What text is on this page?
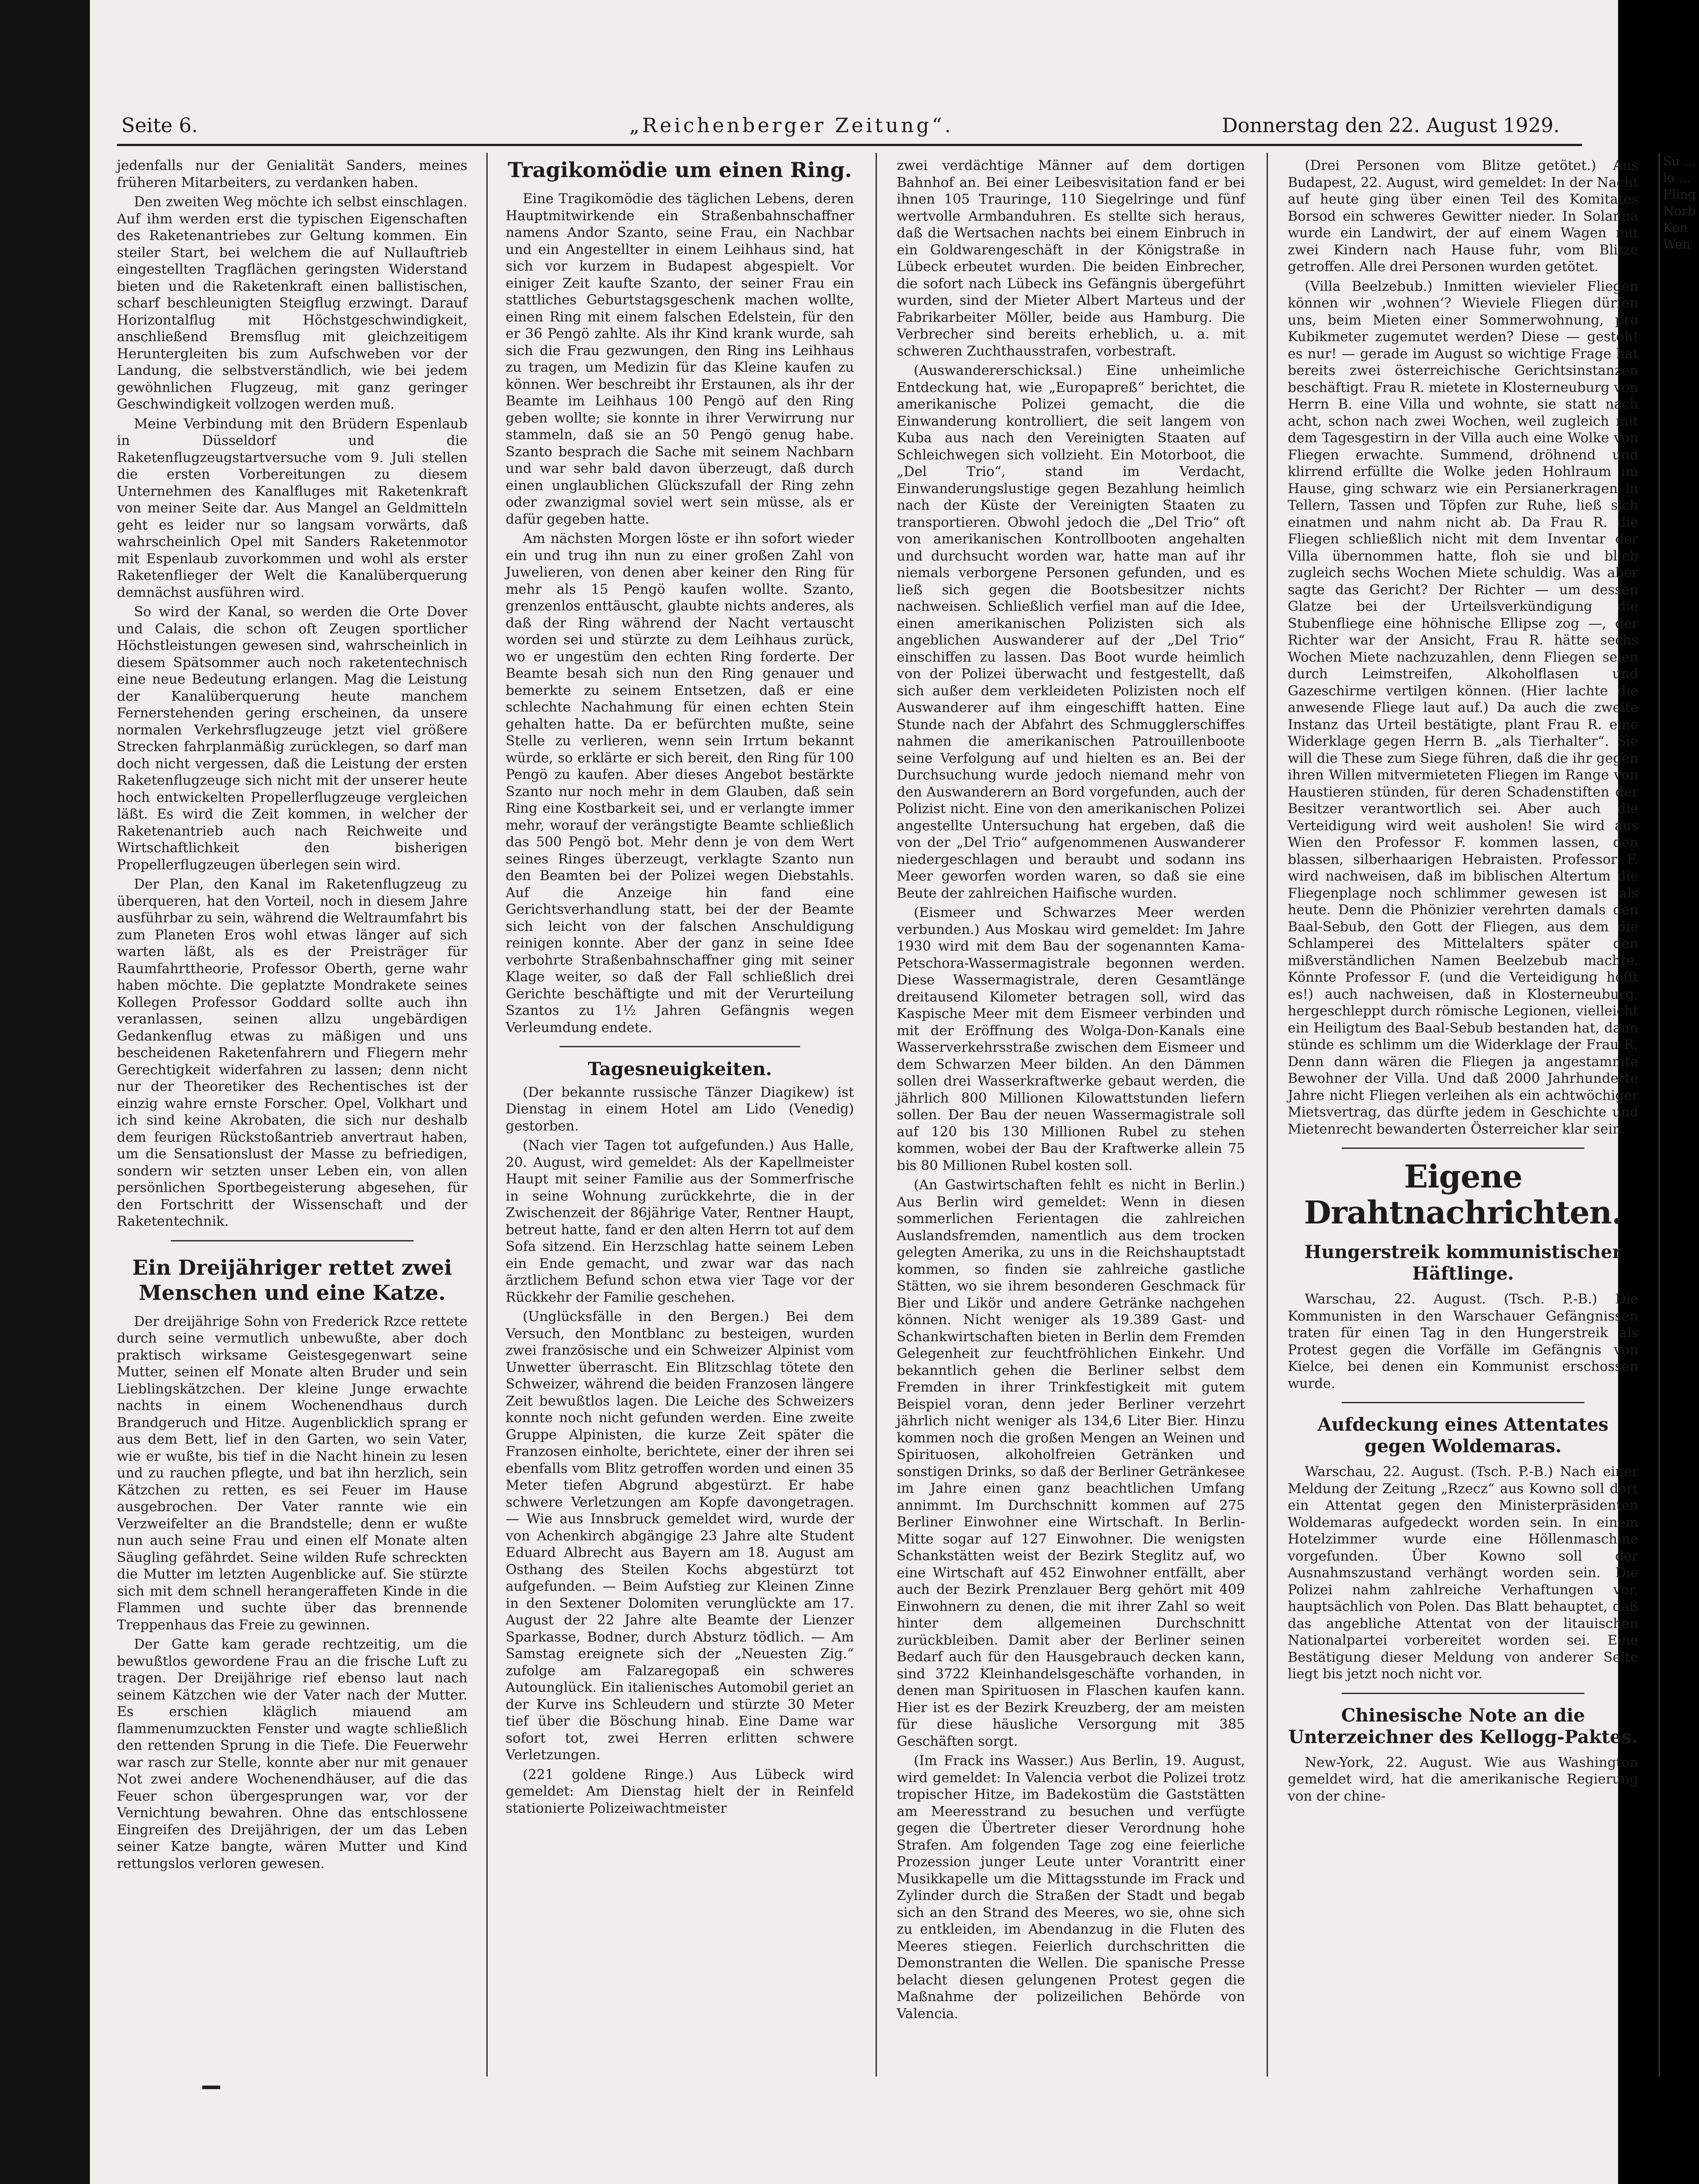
Seite 6.	„Reichenberger Zeitung“.	Donnerstag den 22. August 1929.

jedenfalls nur der Genialität Sanders, meines früheren Mitarbeiters, zu verdanken haben.

Den zweiten Weg möchte ich selbst einschlagen. Auf ihm werden erst die typischen Eigenschaften des Raketenantriebes zur Geltung kommen. Ein steiler Start, bei welchem die auf Nullauftrieb eingestellten Tragflächen geringsten Widerstand bieten und die Raketenkraft einen ballistischen, scharf beschleunigten Steigflug erzwingt. Darauf Horizontalflug mit Höchstgeschwindigkeit, anschließend Bremsflug mit gleichzeitigem Heruntergleiten bis zum Aufschweben vor der Landung, die selbstverständlich, wie bei jedem gewöhnlichen Flugzeug, mit ganz geringer Geschwindigkeit vollzogen werden muß.

Meine Verbindung mit den Brüdern Espenlaub in Düsseldorf und die Raketenflugzeugstartversuche vom 9. Juli stellen die ersten Vorbereitungen zu diesem Unternehmen des Kanalfluges mit Raketenkraft von meiner Seite dar. Aus Mangel an Geldmitteln geht es leider nur so langsam vorwärts, daß wahrscheinlich Opel mit Sanders Raketenmotor mit Espenlaub zuvorkommen und wohl als erster Raketenflieger der Welt die Kanalüberquerung demnächst ausführen wird.

So wird der Kanal, so werden die Orte Dover und Calais, die schon oft Zeugen sportlicher Höchstleistungen gewesen sind, wahrscheinlich in diesem Spätsommer auch noch raketentechnisch eine neue Bedeutung erlangen. Mag die Leistung der Kanalüberquerung heute manchem Fernerstehenden gering erscheinen, da unsere normalen Verkehrsflugzeuge jetzt viel größere Strecken fahrplanmäßig zurücklegen, so darf man doch nicht vergessen, daß die Leistung der ersten Raketenflugzeuge sich nicht mit der unserer heute hoch entwickelten Propellerflugzeuge vergleichen läßt. Es wird die Zeit kommen, in welcher der Raketenantrieb auch nach Reichweite und Wirtschaftlichkeit den bisherigen Propellerflugzeugen überlegen sein wird.

Der Plan, den Kanal im Raketenflugzeug zu überqueren, hat den Vorteil, noch in diesem Jahre ausführbar zu sein, während die Weltraumfahrt bis zum Planeten Eros wohl etwas länger auf sich warten läßt, als es der Preisträger für Raumfahrttheorie, Professor Oberth, gerne wahr haben möchte. Die geplatzte Mondrakete seines Kollegen Professor Goddard sollte auch ihn veranlassen, seinen allzu ungebärdigen Gedankenflug etwas zu mäßigen und uns bescheidenen Raketenfahrern und Fliegern mehr Gerechtigkeit widerfahren zu lassen; denn nicht nur der Theoretiker des Rechentisches ist der einzig wahre ernste Forscher. Opel, Volkhart und ich sind keine Akrobaten, die sich nur deshalb dem feurigen Rückstoßantrieb anvertraut haben, um die Sensationslust der Masse zu befriedigen, sondern wir setzten unser Leben ein, von allen persönlichen Sportbegeisterung abgesehen, für den Fortschritt der Wissenschaft und der Raketentechnik.

Ein Dreijähriger rettet zwei Menschen und eine Katze.

Der dreijährige Sohn von Frederick Rzce rettete durch seine vermutlich unbewußte, aber doch praktisch wirksame Geistesgegenwart seine Mutter, seinen elf Monate alten Bruder und sein Lieblingskätzchen. Der kleine Junge erwachte nachts in einem Wochenendhaus durch Brandgeruch und Hitze. Augenblicklich sprang er aus dem Bett, lief in den Garten, wo sein Vater, wie er wußte, bis tief in die Nacht hinein zu lesen und zu rauchen pflegte, und bat ihn herzlich, sein Kätzchen zu retten, es sei Feuer im Hause ausgebrochen. Der Vater rannte wie ein Verzweifelter an die Brandstelle; denn er wußte nun auch seine Frau und einen elf Monate alten Säugling gefährdet. Seine wilden Rufe schreckten die Mutter im letzten Augenblicke auf. Sie stürzte sich mit dem schnell herangeraffeten Kinde in die Flammen und suchte über das brennende Treppenhaus das Freie zu gewinnen.

Der Gatte kam gerade rechtzeitig, um die bewußtlos gewordene Frau an die frische Luft zu tragen. Der Dreijährige rief ebenso laut nach seinem Kätzchen wie der Vater nach der Mutter. Es erschien kläglich miauend am flammenumzuckten Fenster und wagte schließlich den rettenden Sprung in die Tiefe. Die Feuerwehr war rasch zur Stelle, konnte aber nur mit genauer Not zwei andere Wochenendhäuser, auf die das Feuer schon übergesprungen war, vor der Vernichtung bewahren. Ohne das entschlossene Eingreifen des Dreijährigen, der um das Leben seiner Katze bangte, wären Mutter und Kind rettungslos verloren gewesen.

Tragikomödie um einen Ring.

Eine Tragikomödie des täglichen Lebens, deren Hauptmitwirkende ein Straßenbahnschaffner namens Andor Szanto, seine Frau, ein Nachbar und ein Angestellter in einem Leihhaus sind, hat sich vor kurzem in Budapest abgespielt. Vor einiger Zeit kaufte Szanto, der seiner Frau ein stattliches Geburtstagsgeschenk machen wollte, einen Ring mit einem falschen Edelstein, für den er 36 Pengö zahlte. Als ihr Kind krank wurde, sah sich die Frau gezwungen, den Ring ins Leihhaus zu tragen, um Medizin für das Kleine kaufen zu können. Wer beschreibt ihr Erstaunen, als ihr der Beamte im Leihhaus 100 Pengö auf den Ring geben wollte; sie konnte in ihrer Verwirrung nur stammeln, daß sie an 50 Pengö genug habe. Szanto besprach die Sache mit seinem Nachbarn und war sehr bald davon überzeugt, daß durch einen unglaublichen Glückszufall der Ring zehn oder zwanzigmal soviel wert sein müsse, als er dafür gegeben hatte.

Am nächsten Morgen löste er ihn sofort wieder ein und trug ihn nun zu einer großen Zahl von Juwelieren, von denen aber keiner den Ring für mehr als 15 Pengö kaufen wollte. Szanto, grenzenlos enttäuscht, glaubte nichts anderes, als daß der Ring während der Nacht vertauscht worden sei und stürzte zu dem Leihhaus zurück, wo er ungestüm den echten Ring forderte. Der Beamte besah sich nun den Ring genauer und bemerkte zu seinem Entsetzen, daß er eine schlechte Nachahmung für einen echten Stein gehalten hatte. Da er befürchten mußte, seine Stelle zu verlieren, wenn sein Irrtum bekannt würde, so erklärte er sich bereit, den Ring für 100 Pengö zu kaufen. Aber dieses Angebot bestärkte Szanto nur noch mehr in dem Glauben, daß sein Ring eine Kostbarkeit sei, und er verlangte immer mehr, worauf der verängstigte Beamte schließlich das 500 Pengö bot. Mehr denn je von dem Wert seines Ringes überzeugt, verklagte Szanto nun den Beamten bei der Polizei wegen Diebstahls. Auf die Anzeige hin fand eine Gerichtsverhandlung statt, bei der der Beamte sich leicht von der falschen Anschuldigung reinigen konnte. Aber der ganz in seine Idee verbohrte Straßenbahnschaffner ging mit seiner Klage weiter, so daß der Fall schließlich drei Gerichte beschäftigte und mit der Verurteilung Szantos zu 1½ Jahren Gefängnis wegen Verleumdung endete.

Tagesneuigkeiten.

(Der bekannte russische Tänzer Diagikew) ist Dienstag in einem Hotel am Lido (Venedig) gestorben.

(Nach vier Tagen tot aufgefunden.) Aus Halle, 20. August, wird gemeldet: Als der Kapellmeister Haupt mit seiner Familie aus der Sommerfrische in seine Wohnung zurückkehrte, die in der Zwischenzeit der 86jährige Vater, Rentner Haupt, betreut hatte, fand er den alten Herrn tot auf dem Sofa sitzend. Ein Herzschlag hatte seinem Leben ein Ende gemacht, und zwar war das nach ärztlichem Befund schon etwa vier Tage vor der Rückkehr der Familie geschehen.

(Unglücksfälle in den Bergen.) Bei dem Versuch, den Montblanc zu besteigen, wurden zwei französische und ein Schweizer Alpinist vom Unwetter überrascht. Ein Blitzschlag tötete den Schweizer, während die beiden Franzosen längere Zeit bewußtlos lagen. Die Leiche des Schweizers konnte noch nicht gefunden werden. Eine zweite Gruppe Alpinisten, die kurze Zeit später die Franzosen einholte, berichtete, einer der ihren sei ebenfalls vom Blitz getroffen worden und einen 35 Meter tiefen Abgrund abgestürzt. Er habe schwere Verletzungen am Kopfe davongetragen. — Wie aus Innsbruck gemeldet wird, wurde der von Achenkirch abgängige 23 Jahre alte Student Eduard Albrecht aus Bayern am 18. August am Osthang des Steilen Kochs abgestürzt tot aufgefunden. — Beim Aufstieg zur Kleinen Zinne in den Sextener Dolomiten verunglückte am 17. August der 22 Jahre alte Beamte der Lienzer Sparkasse, Bodner, durch Absturz tödlich. — Am Samstag ereignete sich der „Neuesten Zig.“ zufolge am Falzaregopaß ein schweres Autounglück. Ein italienisches Automobil geriet an der Kurve ins Schleudern und stürzte 30 Meter tief über die Böschung hinab. Eine Dame war sofort tot, zwei Herren erlitten schwere Verletzungen.

(221 goldene Ringe.) Aus Lübeck wird gemeldet: Am Dienstag hielt der in Reinfeld stationierte Polizeiwachtmeister

zwei verdächtige Männer auf dem dortigen Bahnhof an. Bei einer Leibesvisitation fand er bei ihnen 105 Trauringe, 110 Siegelringe und fünf wertvolle Armbanduhren. Es stellte sich heraus, daß die Wertsachen nachts bei einem Einbruch in ein Goldwarengeschäft in der Königstraße in Lübeck erbeutet wurden. Die beiden Einbrecher, die sofort nach Lübeck ins Gefängnis übergeführt wurden, sind der Mieter Albert Marteus und der Fabrikarbeiter Möller, beide aus Hamburg. Die Verbrecher sind bereits erheblich, u. a. mit schweren Zuchthausstrafen, vorbestraft.

(Auswandererschicksal.) Eine unheimliche Entdeckung hat, wie „Europapreß“ berichtet, die amerikanische Polizei gemacht, die die Einwanderung kontrolliert, die seit langem von Kuba aus nach den Vereinigten Staaten auf Schleichwegen sich vollzieht. Ein Motorboot, die „Del Trio“, stand im Verdacht, Einwanderungslustige gegen Bezahlung heimlich nach der Küste der Vereinigten Staaten zu transportieren. Obwohl jedoch die „Del Trio“ oft von amerikanischen Kontrollbooten angehalten und durchsucht worden war, hatte man auf ihr niemals verborgene Personen gefunden, und es ließ sich gegen die Bootsbesitzer nichts nachweisen. Schließlich verfiel man auf die Idee, einen amerikanischen Polizisten sich als angeblichen Auswanderer auf der „Del Trio“ einschiffen zu lassen. Das Boot wurde heimlich von der Polizei überwacht und festgestellt, daß sich außer dem verkleideten Polizisten noch elf Auswanderer auf ihm eingeschifft hatten. Eine Stunde nach der Abfahrt des Schmugglerschiffes nahmen die amerikanischen Patrouillenboote seine Verfolgung auf und hielten es an. Bei der Durchsuchung wurde jedoch niemand mehr von den Auswanderern an Bord vorgefunden, auch der Polizist nicht. Eine von den amerikanischen Polizei angestellte Untersuchung hat ergeben, daß die von der „Del Trio“ aufgenommenen Auswanderer niedergeschlagen und beraubt und sodann ins Meer geworfen worden waren, so daß sie eine Beute der zahlreichen Haifische wurden.

(Eismeer und Schwarzes Meer werden verbunden.) Aus Moskau wird gemeldet: Im Jahre 1930 wird mit dem Bau der sogenannten Kama-Petschora-Wassermagistrale begonnen werden. Diese Wassermagistrale, deren Gesamtlänge dreitausend Kilometer betragen soll, wird das Kaspische Meer mit dem Eismeer verbinden und mit der Eröffnung des Wolga-Don-Kanals eine Wasserverkehrsstraße zwischen dem Eismeer und dem Schwarzen Meer bilden. An den Dämmen sollen drei Wasserkraftwerke gebaut werden, die jährlich 800 Millionen Kilowattstunden liefern sollen. Der Bau der neuen Wassermagistrale soll auf 120 bis 130 Millionen Rubel zu stehen kommen, wobei der Bau der Kraftwerke allein 75 bis 80 Millionen Rubel kosten soll.

(An Gastwirtschaften fehlt es nicht in Berlin.) Aus Berlin wird gemeldet: Wenn in diesen sommerlichen Ferientagen die zahlreichen Auslandsfremden, namentlich aus dem trocken gelegten Amerika, zu uns in die Reichshauptstadt kommen, so finden sie zahlreiche gastliche Stätten, wo sie ihrem besonderen Geschmack für Bier und Likör und andere Getränke nachgehen können. Nicht weniger als 19.389 Gast- und Schankwirtschaften bieten in Berlin dem Fremden Gelegenheit zur feuchtfröhlichen Einkehr. Und bekanntlich gehen die Berliner selbst dem Fremden in ihrer Trinkfestigkeit mit gutem Beispiel voran, denn jeder Berliner verzehrt jährlich nicht weniger als 134,6 Liter Bier. Hinzu kommen noch die großen Mengen an Weinen und Spirituosen, alkoholfreien Getränken und sonstigen Drinks, so daß der Berliner Getränkesee im Jahre einen ganz beachtlichen Umfang annimmt. Im Durchschnitt kommen auf 275 Berliner Einwohner eine Wirtschaft. In Berlin-Mitte sogar auf 127 Einwohner. Die wenigsten Schankstätten weist der Bezirk Steglitz auf, wo eine Wirtschaft auf 452 Einwohner entfällt, aber auch der Bezirk Prenzlauer Berg gehört mit 409 Einwohnern zu denen, die mit ihrer Zahl so weit hinter dem allgemeinen Durchschnitt zurückbleiben. Damit aber der Berliner seinen Bedarf auch für den Hausgebrauch decken kann, sind 3722 Kleinhandelsgeschäfte vorhanden, in denen man Spirituosen in Flaschen kaufen kann. Hier ist es der Bezirk Kreuzberg, der am meisten für diese häusliche Versorgung mit 385 Geschäften sorgt.

(Im Frack ins Wasser.) Aus Berlin, 19. August, wird gemeldet: In Valencia verbot die Polizei trotz tropischer Hitze, im Badekostüm die Gaststätten am Meeresstrand zu besuchen und verfügte gegen die Übertreter dieser Verordnung hohe Strafen. Am folgenden Tage zog eine feierliche Prozession junger Leute unter Vorantritt einer Musikkapelle um die Mittagsstunde im Frack und Zylinder durch die Straßen der Stadt und begab sich an den Strand des Meeres, wo sie, ohne sich zu entkleiden, im Abendanzug in die Fluten des Meeres stiegen. Feierlich durchschritten die Demonstranten die Wellen. Die spanische Presse belacht diesen gelungenen Protest gegen die Maßnahme der polizeilichen Behörde von Valencia.

(Drei Personen vom Blitze getötet.) Aus Budapest, 22. August, wird gemeldet: In der Nacht auf heute ging über einen Teil des Komitates Borsod ein schweres Gewitter nieder. In Solanna wurde ein Landwirt, der auf einem Wagen mit zwei Kindern nach Hause fuhr, vom Blitze getroffen. Alle drei Personen wurden getötet.

(Villa Beelzebub.) Inmitten wievieler Fliegen können wir ‚wohnen‘? Wieviele Fliegen dürfen uns, beim Mieten einer Sommerwohnung, pro Kubikmeter zugemutet werden? Diese — gestoh! es nur! — gerade im August so wichtige Frage hat bereits zwei österreichische Gerichtsinstanzen beschäftigt. Frau R. mietete in Klosterneuburg von Herrn B. eine Villa und wohnte, sie statt nach acht, schon nach zwei Wochen, weil zugleich mit dem Tagesgestirn in der Villa auch eine Wolke von Fliegen erwachte. Summend, dröhnend und klirrend erfüllte die Wolke jeden Hohlraum im Hause, ging schwarz wie ein Persianerkragen in Tellern, Tassen und Töpfen zur Ruhe, ließ sich einatmen und nahm nicht ab. Da Frau R. die Fliegen schließlich nicht mit dem Inventar der Villa übernommen hatte, floh sie und blieb zugleich sechs Wochen Miete schuldig. Was aber sagte das Gericht? Der Richter — um dessen Glatze bei der Urteilsverkündigung die Stubenfliege eine höhnische Ellipse zog —, der Richter war der Ansicht, Frau R. hätte sechs Wochen Miete nachzuzahlen, denn Fliegen seien durch Leimstreifen, Alkoholflasen und Gazeschirme vertilgen können. (Hier lachte die anwesende Fliege laut auf.) Da auch die zweite Instanz das Urteil bestätigte, plant Frau R. eine Widerklage gegen Herrn B. „als Tierhalter“. Sie will die These zum Siege führen, daß die ihr gegen ihren Willen mitvermieteten Fliegen im Range von Haustieren stünden, für deren Schadenstiften der Besitzer verantwortlich sei. Aber auch die Verteidigung wird weit ausholen! Sie wird aus Wien den Professor F. kommen lassen, den blassen, silberhaarigen Hebraisten. Professor F. wird nachweisen, daß im biblischen Altertum die Fliegenplage noch schlimmer gewesen ist als heute. Denn die Phönizier verehrten damals den Baal-Sebub, den Gott der Fliegen, aus dem die Schlamperei des Mittelalters später den mißverständlichen Namen Beelzebub machte. Könnte Professor F. (und die Verteidigung hofft es!) auch nachweisen, daß in Klosterneuburg, hergeschleppt durch römische Legionen, vielleicht ein Heiligtum des Baal-Sebub bestanden hat, dann stünde es schlimm um die Widerklage der Frau R. Denn dann wären die Fliegen ja angestammte Bewohner der Villa. Und daß 2000 Jahrhunderte Jahre nicht Fliegen verleihen als ein achtwöchiger Mietsvertrag, das dürfte jedem in Geschichte und Mietenrecht bewanderten Österreicher klar sein.

Eigene Drahtnachrichten.
Hungerstreik kommunistischer Häftlinge.

Warschau, 22. August. (Tsch. P.-B.) Die Kommunisten in den Warschauer Gefängnissen traten für einen Tag in den Hungerstreik als Protest gegen die Vorfälle im Gefängnis von Kielce, bei denen ein Kommunist erschossen wurde.

Aufdeckung eines Attentates gegen Woldemaras.

Warschau, 22. August. (Tsch. P.-B.) Nach einer Meldung der Zeitung „Rzecz“ aus Kowno soll dort ein Attentat gegen den Ministerpräsidenten Woldemaras aufgedeckt worden sein. In einem Hotelzimmer wurde eine Höllenmaschine vorgefunden. Über Kowno soll der Ausnahmszustand verhängt worden sein. Die Polizei nahm zahlreiche Verhaftungen vor, hauptsächlich von Polen. Das Blatt behauptet, daß das angebliche Attentat von der litauischen Nationalpartei vorbereitet worden sei. Eine Bestätigung dieser Meldung von anderer Seite liegt bis jetzt noch nicht vor.

Chinesische Note an die Unterzeichner des Kellogg-Paktes.

New-York, 22. August. Wie aus Washington gemeldet wird, hat die amerikanische Regierung von der chine-

Su ... lo ... Fling Norb Kon Wen
